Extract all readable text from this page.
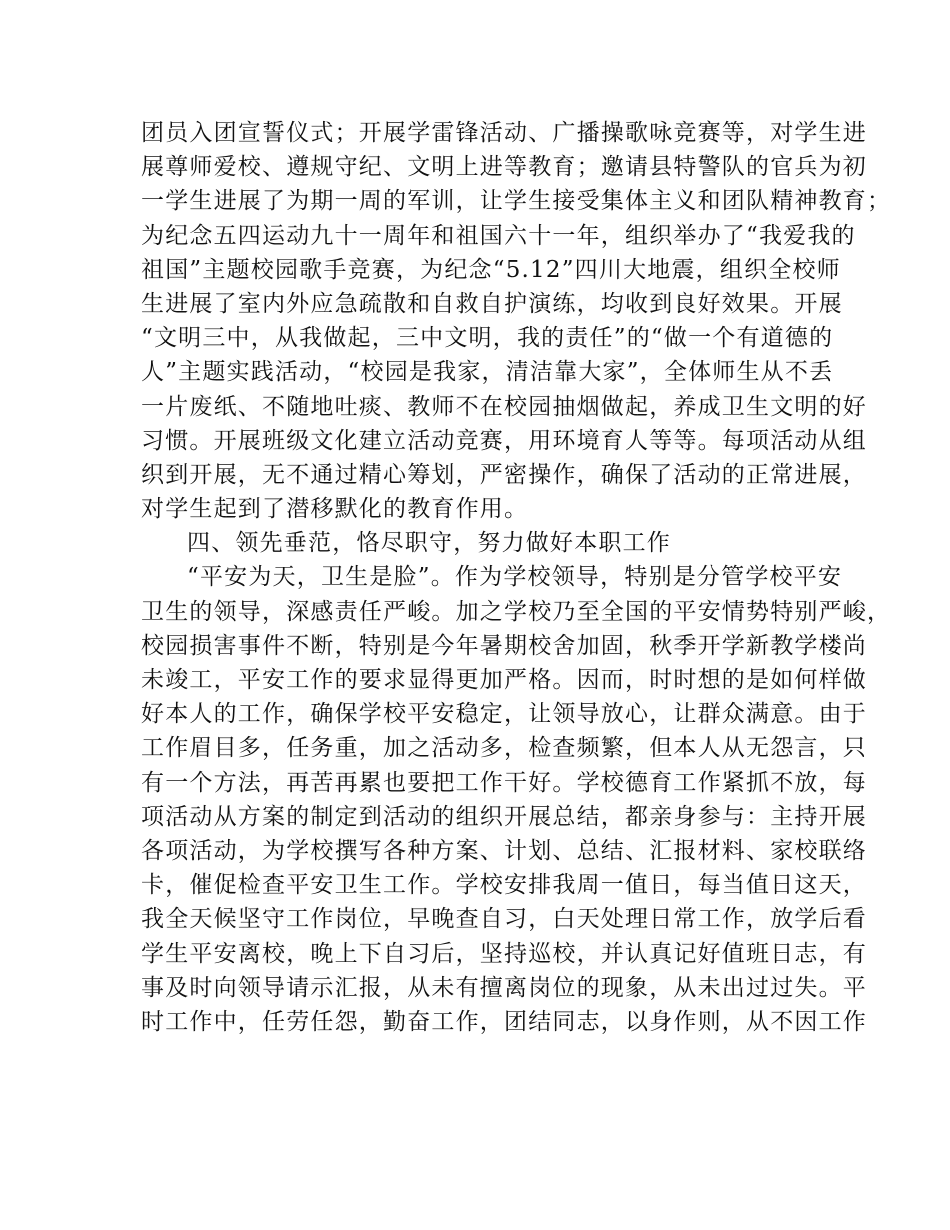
团员入团宣誓仪式；开展学雷锋活动、广播操歌咏竞赛等，对学生进
展尊师爱校、遵规守纪、文明上进等教育；邀请县特警队的官兵为初
一学生进展了为期一周的军训，让学生接受集体主义和团队精神教育；
为纪念五四运动九十一周年和祖国六十一年，组织举办了“我爱我的
祖国”主题校园歌手竞赛，为纪念“5.12”四川大地震，组织全校师
生进展了室内外应急疏散和自救自护演练，均收到良好效果。开展
“文明三中，从我做起，三中文明，我的责任”的“做一个有道德的
人”主题实践活动，“校园是我家，清洁靠大家”，全体师生从不丢
一片废纸、不随地吐痰、教师不在校园抽烟做起，养成卫生文明的好
习惯。开展班级文化建立活动竞赛，用环境育人等等。每项活动从组
织到开展，无不通过精心筹划，严密操作，确保了活动的正常进展，
对学生起到了潜移默化的教育作用。
四、领先垂范，恪尽职守，努力做好本职工作
“平安为天，卫生是脸”。作为学校领导，特别是分管学校平安
卫生的领导，深感责任严峻。加之学校乃至全国的平安情势特别严峻，
校园损害事件不断，特别是今年暑期校舍加固，秋季开学新教学楼尚
未竣工，平安工作的要求显得更加严格。因而，时时想的是如何样做
好本人的工作，确保学校平安稳定，让领导放心，让群众满意。由于
工作眉目多，任务重，加之活动多，检查频繁，但本人从无怨言，只
有一个方法，再苦再累也要把工作干好。学校德育工作紧抓不放，每
项活动从方案的制定到活动的组织开展总结，都亲身参与：主持开展
各项活动，为学校撰写各种方案、计划、总结、汇报材料、家校联络
卡，催促检查平安卫生工作。学校安排我周一值日，每当值日这天，
我全天候坚守工作岗位，早晚查自习，白天处理日常工作，放学后看
学生平安离校，晚上下自习后，坚持巡校，并认真记好值班日志，有
事及时向领导请示汇报，从未有擅离岗位的现象，从未出过过失。平
时工作中，任劳任怨，勤奋工作，团结同志，以身作则，从不因工作
